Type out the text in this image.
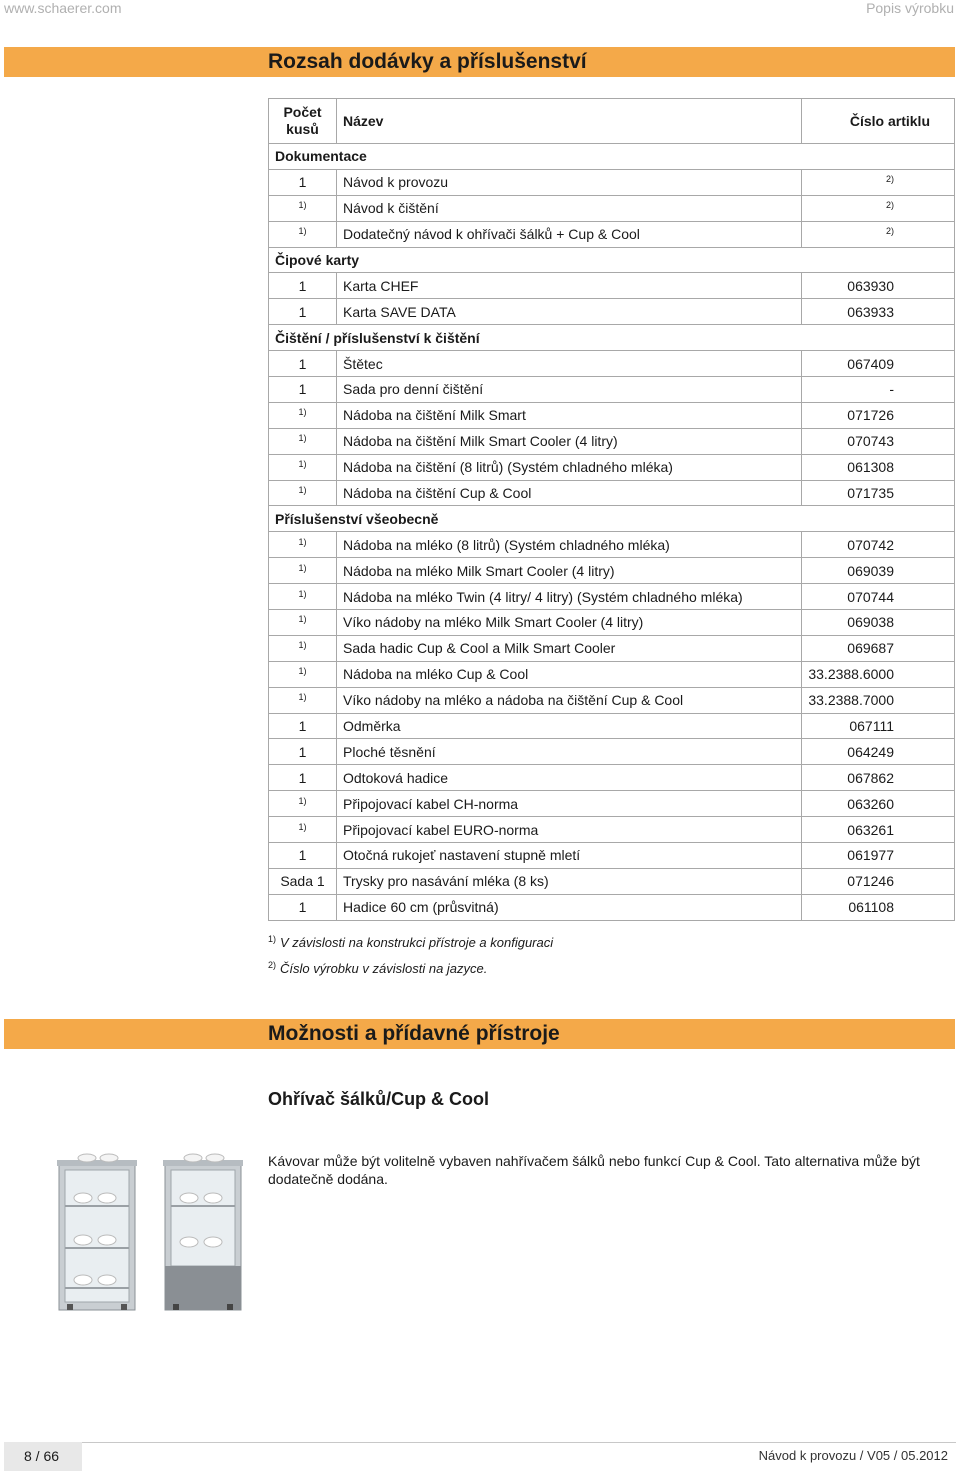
www.schaerer.com	Popis výrobku
Rozsah dodávky a příslušenství
Počet kusů	Název	Číslo artiklu
Dokumentace		
1	Návod k provozu	$^{2)}$
$^{1)}$	Návod k čištění	$^{2)}$
$^{1)}$	Dodatečný návod k ohřívači šálků + Cup & Cool	$^{2)}$
Čipové karty		
1	Karta CHEF	063930
1	Karta SAVE DATA	063933
Čištění / příslušenství k čištění		
1	Štětec	067409
1	Sada pro denní čištění	-
$^{1)}$	Nádoba na čištění Milk Smart	071726
$^{1)}$	Nádoba na čištění Milk Smart Cooler (4 litry)	070743
$^{1)}$	Nádoba na čištění (8 litrů) (Systém chladného mléka)	061308
$^{1)}$	Nádoba na čištění Cup & Cool	071735
Příslušenství všeobecně		
$^{1)}$	Nádoba na mléko (8 litrů) (Systém chladného mléka)	070742
$^{1)}$	Nádoba na mléko Milk Smart Cooler (4 litry)	069039
$^{1)}$	Nádoba na mléko Twin (4 litry/ 4 litry) (Systém chladného mléka)	070744
$^{1)}$	Víko nádoby na mléko Milk Smart Cooler (4 litry)	069038
$^{1)}$	Sada hadic Cup & Cool a Milk Smart Cooler	069687
$^{1)}$	Nádoba na mléko Cup & Cool	33.2388.6000
$^{1)}$	Víko nádoby na mléko a nádoba na čištění Cup & Cool	33.2388.7000
1	Odměrka	067111
1	Ploché těsnění	064249
1	Odtoková hadice	067862
$^{1)}$	Připojovací kabel CH-norma	063260
$^{1)}$	Připojovací kabel EURO-norma	063261
1	Otočná rukojeť nastavení stupně mletí	061977
Sada 1	Trysky pro nasávání mléka (8 ks)	071246
1	Hadice 60 cm (průsvitná)	061108
$^{1)}$ V závislosti na konstrukci přístroje a konfiguraci
$^{2)}$ Číslo výrobku v závislosti na jazyce.
Možnosti a přídavné přístroje
Ohřívač šálků/Cup & Cool
Kávovar může být volitelně vybaven nahřívačem šálků nebo funkcí Cup & Cool. Tato alternativa může být dodatečně dodána.
8 / 66	Návod k provozu / V05 / 05.2012
